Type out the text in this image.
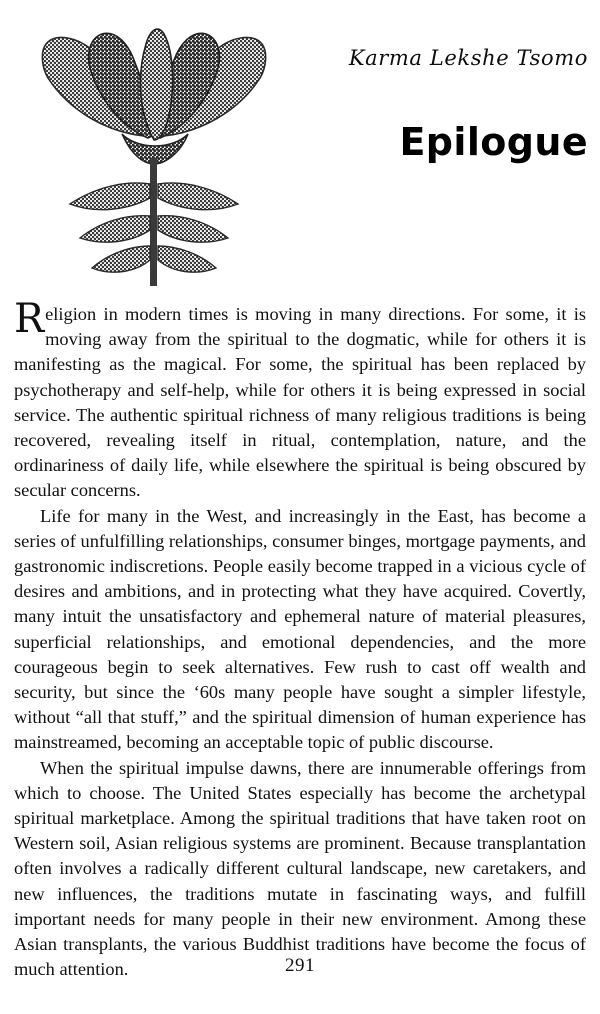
Karma Lekshe Tsomo
Epilogue

Religion in modern times is moving in many directions. For some, it is moving away from the spiritual to the dogmatic, while for others it is manifesting as the magical. For some, the spiritual has been replaced by psychotherapy and self-help, while for others it is being expressed in social service. The authentic spiritual richness of many religious traditions is being recovered, revealing itself in ritual, contemplation, nature, and the ordinariness of daily life, while elsewhere the spiritual is being obscured by secular concerns.

Life for many in the West, and increasingly in the East, has become a series of unfulfilling relationships, consumer binges, mortgage payments, and gastronomic indiscretions. People easily become trapped in a vicious cycle of desires and ambitions, and in protecting what they have acquired. Covertly, many intuit the unsatisfactory and ephemeral nature of material pleasures, superficial relationships, and emotional dependencies, and the more courageous begin to seek alternatives. Few rush to cast off wealth and security, but since the ‘60s many people have sought a simpler lifestyle, without “all that stuff,” and the spiritual dimension of human experience has mainstreamed, becoming an acceptable topic of public discourse.

When the spiritual impulse dawns, there are innumerable offerings from which to choose. The United States especially has become the archetypal spiritual marketplace. Among the spiritual traditions that have taken root on Western soil, Asian religious systems are prominent. Because transplantation often involves a radically different cultural landscape, new caretakers, and new influences, the traditions mutate in fascinating ways, and fulfill important needs for many people in their new environment. Among these Asian transplants, the various Buddhist traditions have become the focus of much attention.	291
